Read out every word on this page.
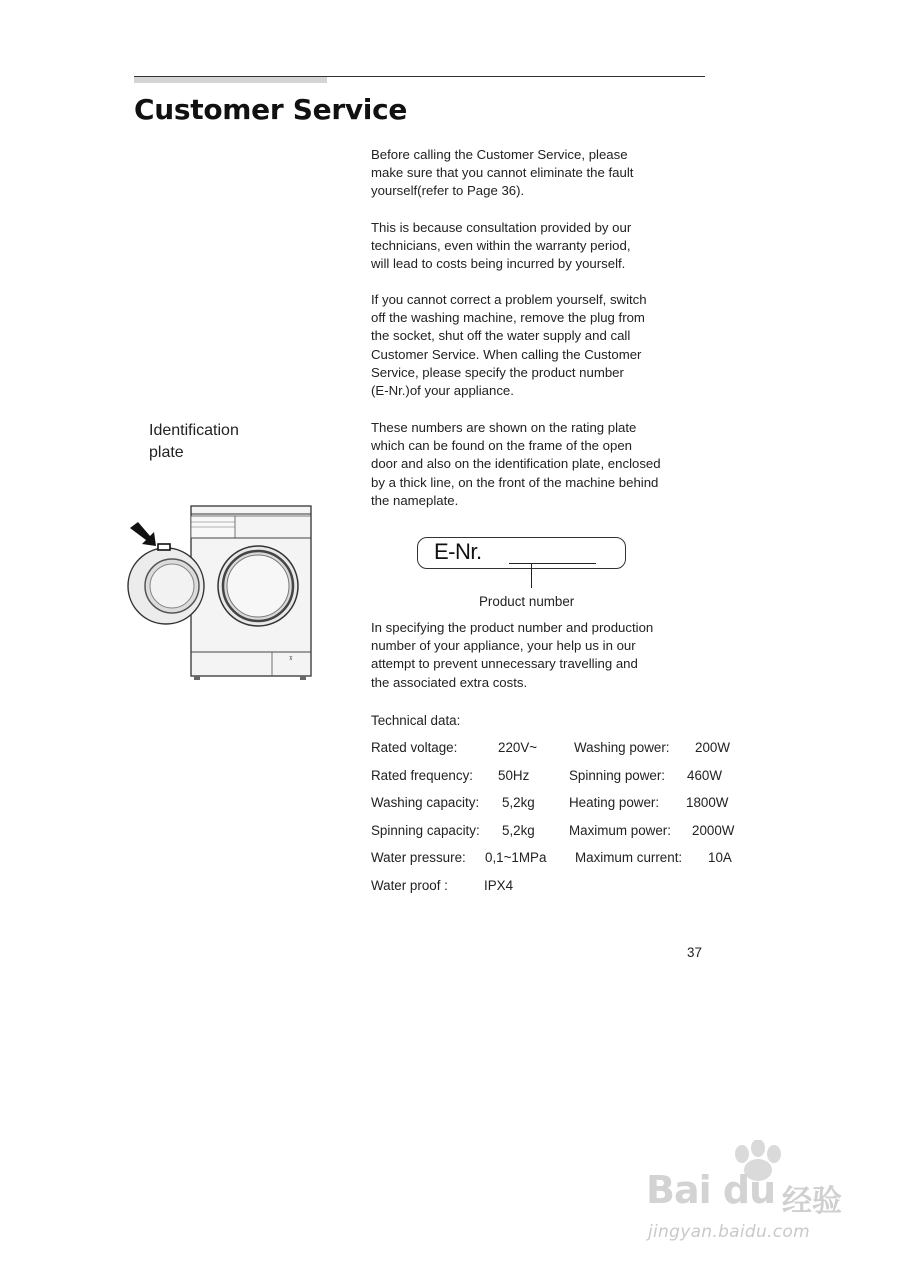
Customer Service
Before calling the Customer Service, please
make sure that you cannot eliminate the fault
yourself(refer to Page 36).
This is because consultation provided by our
technicians, even within the warranty period,
will lead to costs being incurred by yourself.
If you cannot correct a problem yourself, switch
off the washing machine, remove the plug from
the socket, shut off the water supply and call
Customer Service. When calling the Customer
Service, please specify the product number
(E-Nr.)of your appliance.
These numbers are shown on the rating plate
which can be found on the frame of the open
door and also on the identification plate, enclosed
by a thick line, on the front of the machine behind
the nameplate.
Identification
plate
⊼
E-Nr.
Product number
In specifying the product number and production
number of your appliance, your help us in our
attempt to prevent unnecessary travelling and
the associated extra costs.
Technical data:
Rated voltage:	220V~	Washing power: 200W
Rated frequency: 50Hz	Spinning power: 460W
Washing capacity: 5,2kg	Heating power: 1800W
Spinning capacity: 5,2kg	Maximum power: 2000W
Water pressure: 0,1~1MPa Maximum current: 10A
Water proof :	IPX4
37
Bai du 经验
jingyan.baidu.com
